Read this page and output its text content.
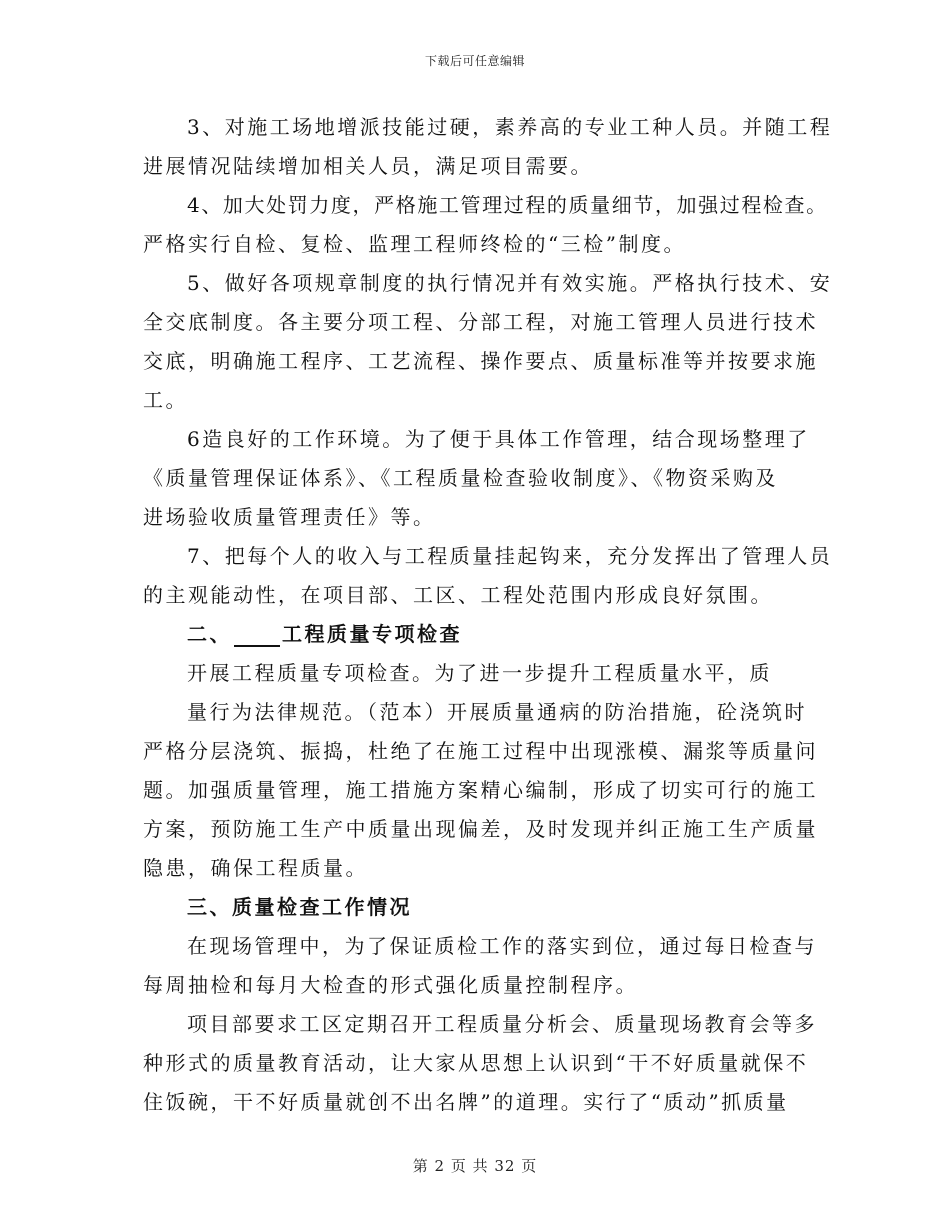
下载后可任意编辑
3、对施工场地增派技能过硬，素养高的专业工种人员。并随工程
进展情况陆续增加相关人员，满足项目需要。
4、加大处罚力度，严格施工管理过程的质量细节，加强过程检查。
严格实行自检、复检、监理工程师终检的“三检”制度。
5、做好各项规章制度的执行情况并有效实施。严格执行技术、安
全交底制度。各主要分项工程、分部工程，对施工管理人员进行技术
交底，明确施工程序、工艺流程、操作要点、质量标准等并按要求施
工。
6造良好的工作环境。为了便于具体工作管理，结合现场整理了
《质量管理保证体系》、《工程质量检查验收制度》、《物资采购及
进场验收质量管理责任》等。
7、把每个人的收入与工程质量挂起钩来，充分发挥出了管理人员
的主观能动性，在项目部、工区、工程处范围内形成良好氛围。
二、	工程质量专项检查
开展工程质量专项检查。为了进一步提升工程质量水平，质
量行为法律规范。（范本）开展质量通病的防治措施，砼浇筑时
严格分层浇筑、振捣，杜绝了在施工过程中出现涨模、漏浆等质量问
题。加强质量管理，施工措施方案精心编制，形成了切实可行的施工
方案，预防施工生产中质量出现偏差，及时发现并纠正施工生产质量
隐患，确保工程质量。
三、质量检查工作情况
在现场管理中，为了保证质检工作的落实到位，通过每日检查与
每周抽检和每月大检查的形式强化质量控制程序。
项目部要求工区定期召开工程质量分析会、质量现场教育会等多
种形式的质量教育活动，让大家从思想上认识到“干不好质量就保不
住饭碗，干不好质量就创不出名牌”的道理。实行了“质动”抓质量
第 2 页 共 32 页
